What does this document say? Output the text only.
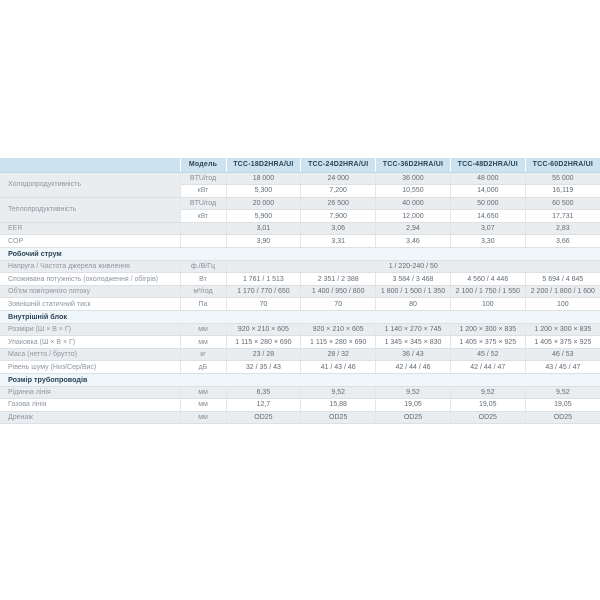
	Модель	TCC-18D2HRA/UI	TCC-24D2HRA/UI	TCC-36D2HRA/UI	TCC-48D2HRA/UI	TCC-60D2HRA/UI
Холодопродуктивність	BTU/год	18 000	24 000	36 000	48 000	55 000
	кВт	5,300	7,200	10,550	14,000	16,119
Теплопродуктивність	BTU/год	20 000	26 500	40 000	50 000	60 500
	кВт	5,900	7,900	12,000	14,650	17,731
EER		3,01	3,06	2,94	3,07	2,83
COP		3,90	3,31	3,46	3,30	3,66
Робочий струм						
Напруга / Частота джерела живлення	ф./В/Гц	1 / 220-240 / 50				
Споживана потужність (охолодження / обігрів)	Вт	1 761 / 1 513	2 351 / 2 388	3 584 / 3 468	4 560 / 4 446	5 694 / 4 845
Об'єм повітряного потоку	м³/год	1 170 / 770 / 650	1 400 / 950 / 800	1 800 / 1 500 / 1 350	2 100 / 1 750 / 1 550	2 200 / 1 800 / 1 600
Зовнішній статичний тиск	Па	70	70	80	100	100
Внутрішній блок						
Розміри (Ш × В × Г)	мм	920 × 210 × 605	920 × 210 × 605	1 140 × 270 × 745	1 200 × 300 × 835	1 200 × 300 × 835
Упаковка (Ш × В × Г)	мм	1 115 × 280 × 690	1 115 × 280 × 690	1 345 × 345 × 830	1 405 × 375 × 925	1 405 × 375 × 925
Маса (нетто / брутто)	кг	23 / 28	28 / 32	36 / 43	45 / 52	46 / 53
Рівень шуму (Низ/Сер/Вис)	дБ	32 / 35 / 43	41 / 43 / 46	42 / 44 / 46	42 / 44 / 47	43 / 45 / 47
Розмір трубопроводів						
Рідинна лінія	мм	6,35	9,52	9,52	9,52	9,52
Газова лінія	мм	12,7	15,88	19,05	19,05	19,05
Дренаж	мм	OD25	OD25	OD25	OD25	OD25
